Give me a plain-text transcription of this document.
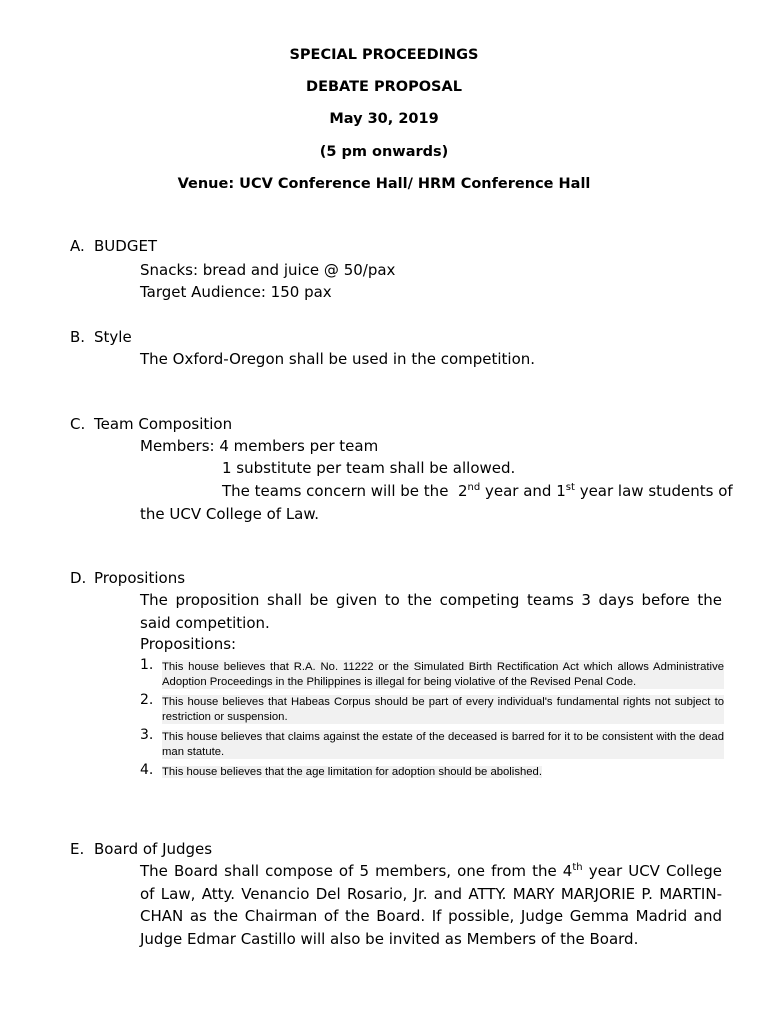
SPECIAL PROCEEDINGS
DEBATE PROPOSAL
May 30, 2019
(5 pm onwards)
Venue: UCV Conference Hall/ HRM Conference Hall
A. BUDGET
Snacks: bread and juice @ 50/pax
Target Audience: 150 pax
B. Style
The Oxford-Oregon shall be used in the competition.
C. Team Composition
Members: 4 members per team
1 substitute per team shall be allowed.
The teams concern will be the 2nd year and 1st year law students of
the UCV College of Law.
D. Propositions
The proposition shall be given to the competing teams 3 days before the said competition.
Propositions:
1. This house believes that R.A. No. 11222 or the Simulated Birth Rectification Act which allows Administrative Adoption Proceedings in the Philippines is illegal for being violative of the Revised Penal Code.
2. This house believes that Habeas Corpus should be part of every individual's fundamental rights not subject to restriction or suspension.
3. This house believes that claims against the estate of the deceased is barred for it to be consistent with the dead man statute.
4. This house believes that the age limitation for adoption should be abolished.
E. Board of Judges
The Board shall compose of 5 members, one from the 4th year UCV College of Law, Atty. Venancio Del Rosario, Jr. and ATTY. MARY MARJORIE P. MARTIN-CHAN as the Chairman of the Board. If possible, Judge Gemma Madrid and Judge Edmar Castillo will also be invited as Members of the Board.
